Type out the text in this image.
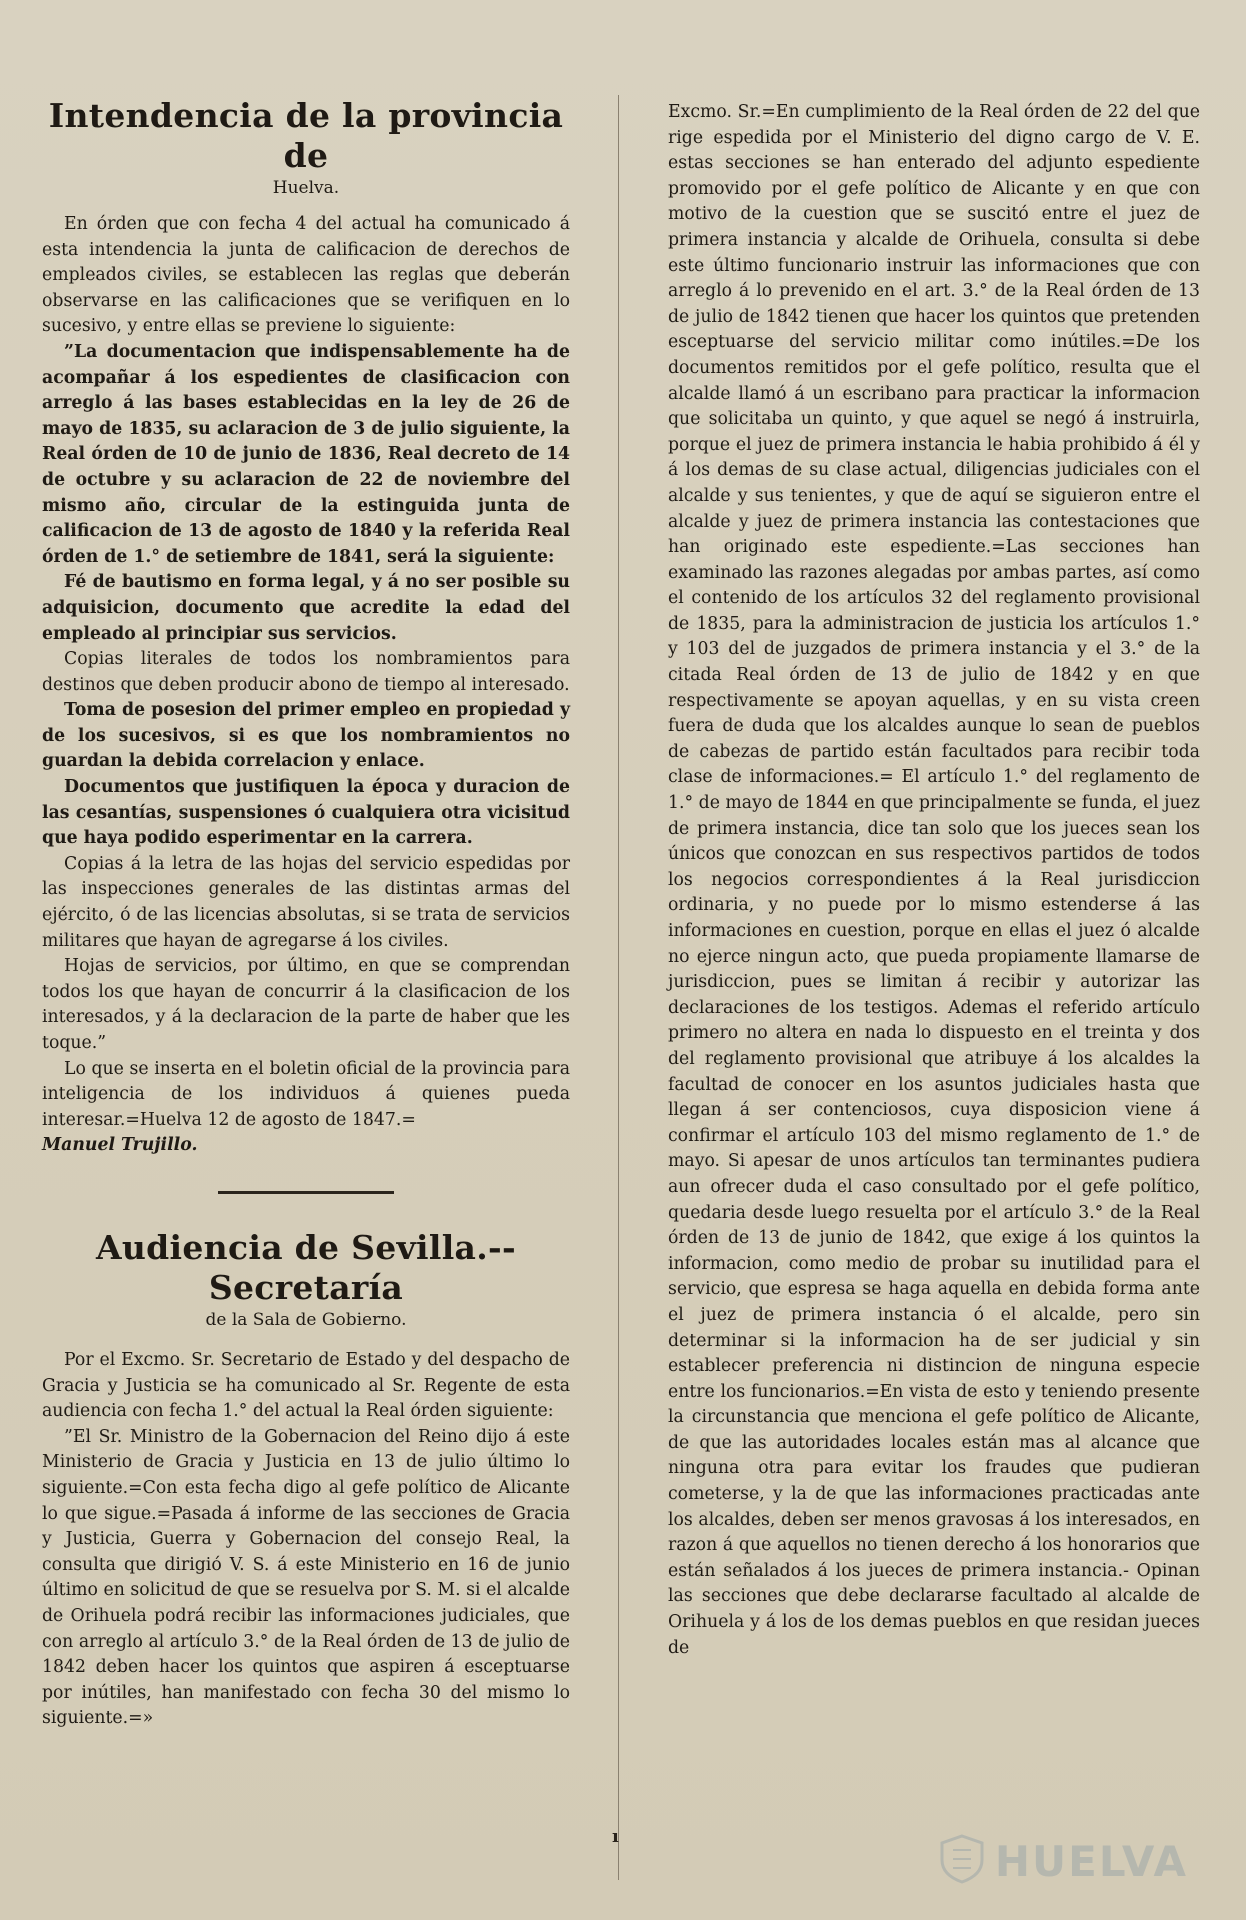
Intendencia de la provincia de

Huelva.

En órden que con fecha 4 del actual ha comunicado á esta intendencia la junta de calificacion de derechos de empleados civiles, se establecen las reglas que deberán observarse en las calificaciones que se verifiquen en lo sucesivo, y entre ellas se previene lo siguiente:

”La documentacion que indispensablemente ha de acompañar á los espedientes de clasificacion con arreglo á las bases establecidas en la ley de 26 de mayo de 1835, su aclaracion de 3 de julio siguiente, la Real órden de 10 de junio de 1836, Real decreto de 14 de octubre y su aclaracion de 22 de noviembre del mismo año, circular de la estinguida junta de calificacion de 13 de agosto de 1840 y la referida Real órden de 1.° de setiembre de 1841, será la siguiente:

Fé de bautismo en forma legal, y á no ser posible su adquisicion, documento que acredite la edad del empleado al principiar sus servicios.

Copias literales de todos los nombramientos para destinos que deben producir abono de tiempo al interesado.

Toma de posesion del primer empleo en propiedad y de los sucesivos, si es que los nombramientos no guardan la debida correlacion y enlace.

Documentos que justifiquen la época y duracion de las cesantías, suspensiones ó cualquiera otra vicisitud que haya podido esperimentar en la carrera.

Copias á la letra de las hojas del servicio espedidas por las inspecciones generales de las distintas armas del ejército, ó de las licencias absolutas, si se trata de servicios militares que hayan de agregarse á los civiles.

Hojas de servicios, por último, en que se comprendan todos los que hayan de concurrir á la clasificacion de los interesados, y á la declaracion de la parte de haber que les toque.”

Lo que se inserta en el boletin oficial de la provincia para inteligencia de los individuos á quienes pueda interesar.=Huelva 12 de agosto de 1847.=

Manuel Trujillo.

Audiencia de Sevilla.--Secretaría

de la Sala de Gobierno.

Por el Excmo. Sr. Secretario de Estado y del despacho de Gracia y Justicia se ha comunicado al Sr. Regente de esta audiencia con fecha 1.° del actual la Real órden siguiente:

”El Sr. Ministro de la Gobernacion del Reino dijo á este Ministerio de Gracia y Justicia en 13 de julio último lo siguiente.=Con esta fecha digo al gefe político de Alicante lo que sigue.=Pasada á informe de las secciones de Gracia y Justicia, Guerra y Gobernacion del consejo Real, la consulta que dirigió V. S. á este Ministerio en 16 de junio último en solicitud de que se resuelva por S. M. si el alcalde de Orihuela podrá recibir las informaciones judiciales, que con arreglo al artículo 3.° de la Real órden de 13 de julio de 1842 deben hacer los quintos que aspiren á esceptuarse por inútiles, han manifestado con fecha 30 del mismo lo siguiente.=»

Excmo. Sr.=En cumplimiento de la Real órden de 22 del que rige espedida por el Ministerio del digno cargo de V. E. estas secciones se han enterado del adjunto espediente promovido por el gefe político de Alicante y en que con motivo de la cuestion que se suscitó entre el juez de primera instancia y alcalde de Orihuela, consulta si debe este último funcionario instruir las informaciones que con arreglo á lo prevenido en el art. 3.° de la Real órden de 13 de julio de 1842 tienen que hacer los quintos que pretenden esceptuarse del servicio militar como inútiles.=De los documentos remitidos por el gefe político, resulta que el alcalde llamó á un escribano para practicar la informacion que solicitaba un quinto, y que aquel se negó á instruirla, porque el juez de primera instancia le habia prohibido á él y á los demas de su clase actual, diligencias judiciales con el alcalde y sus tenientes, y que de aquí se siguieron entre el alcalde y juez de primera instancia las contestaciones que han originado este espediente.=Las secciones han examinado las razones alegadas por ambas partes, así como el contenido de los artículos 32 del reglamento provisional de 1835, para la administracion de justicia los artículos 1.° y 103 del de juzgados de primera instancia y el 3.° de la citada Real órden de 13 de julio de 1842 y en que respectivamente se apoyan aquellas, y en su vista creen fuera de duda que los alcaldes aunque lo sean de pueblos de cabezas de partido están facultados para recibir toda clase de informaciones.= El artículo 1.° del reglamento de 1.° de mayo de 1844 en que principalmente se funda, el juez de primera instancia, dice tan solo que los jueces sean los únicos que conozcan en sus respectivos partidos de todos los negocios correspondientes á la Real jurisdiccion ordinaria, y no puede por lo mismo estenderse á las informaciones en cuestion, porque en ellas el juez ó alcalde no ejerce ningun acto, que pueda propiamente llamarse de jurisdiccion, pues se limitan á recibir y autorizar las declaraciones de los testigos. Ademas el referido artículo primero no altera en nada lo dispuesto en el treinta y dos del reglamento provisional que atribuye á los alcaldes la facultad de conocer en los asuntos judiciales hasta que llegan á ser contenciosos, cuya disposicion viene á confirmar el artículo 103 del mismo reglamento de 1.° de mayo. Si apesar de unos artículos tan terminantes pudiera aun ofrecer duda el caso consultado por el gefe político, quedaria desde luego resuelta por el artículo 3.° de la Real órden de 13 de junio de 1842, que exige á los quintos la informacion, como medio de probar su inutilidad para el servicio, que espresa se haga aquella en debida forma ante el juez de primera instancia ó el alcalde, pero sin determinar si la informacion ha de ser judicial y sin establecer preferencia ni distincion de ninguna especie entre los funcionarios.=En vista de esto y teniendo presente la circunstancia que menciona el gefe político de Alicante, de que las autoridades locales están mas al alcance que ninguna otra para evitar los fraudes que pudieran cometerse, y la de que las informaciones practicadas ante los alcaldes, deben ser menos gravosas á los interesados, en razon á que aquellos no tienen derecho á los honorarios que están señalados á los jueces de primera instancia.- Opinan las secciones que debe declararse facultado al alcalde de Orihuela y á los de los demas pueblos en que residan jueces de

ı	HUELVA
